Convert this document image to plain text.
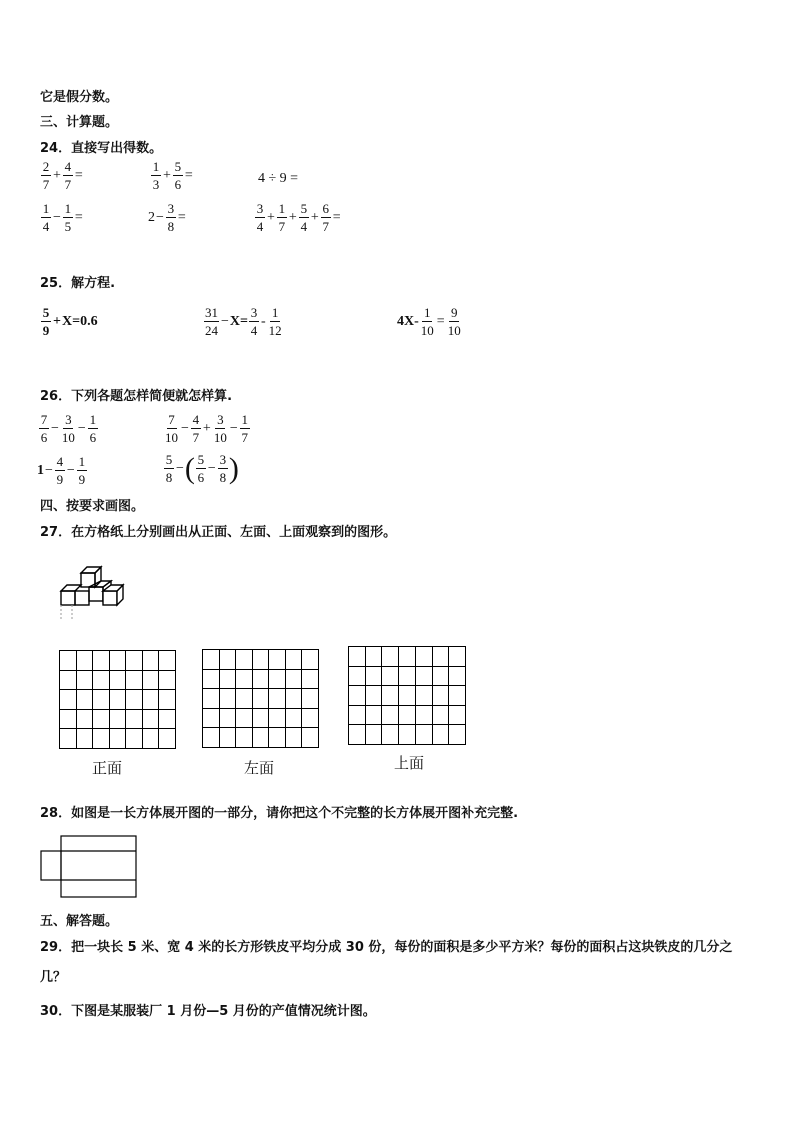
它是假分数。
三、计算题。
24．直接写出得数。
$\frac{2}{7} + \frac{4}{7}$ =	$\frac{1}{3} + \frac{5}{6}$ =	4 ÷ 9 =
$\frac{1}{4} - \frac{1}{5}$ =	$2 - \frac{3}{8}$ =	$\frac{3}{4} + \frac{1}{7} + \frac{5}{4} + \frac{6}{7}$ =
25．解方程.
$\frac{5}{9} + X=0.6$	$\frac{31}{24} - X= \frac{3}{4} - \frac{1}{12}$	$4X- \frac{1}{10} = \frac{9}{10}$
26．下列各题怎样简便就怎样算.
$\frac{7}{6} - \frac{3}{10} - \frac{1}{6}$	$\frac{7}{10} - \frac{4}{7} + \frac{3}{10} - \frac{1}{7}$
$1 - \frac{4}{9} - \frac{1}{9}$	$\frac{5}{8}$ − ( $\frac{5}{6} - \frac{3}{8}$ )
四、按要求画图。
27．在方格纸上分别画出从正面、左面、上面观察到的图形。
正面	左面	上面
28．如图是一长方体展开图的一部分，请你把这个不完整的长方体展开图补充完整.
五、解答题。
29．把一块长 5 米、宽 4 米的长方形铁皮平均分成 30 份，每份的面积是多少平方米？每份的面积占这块铁皮的几分之
几？
30．下图是某服装厂 1 月份—5 月份的产值情况统计图。
